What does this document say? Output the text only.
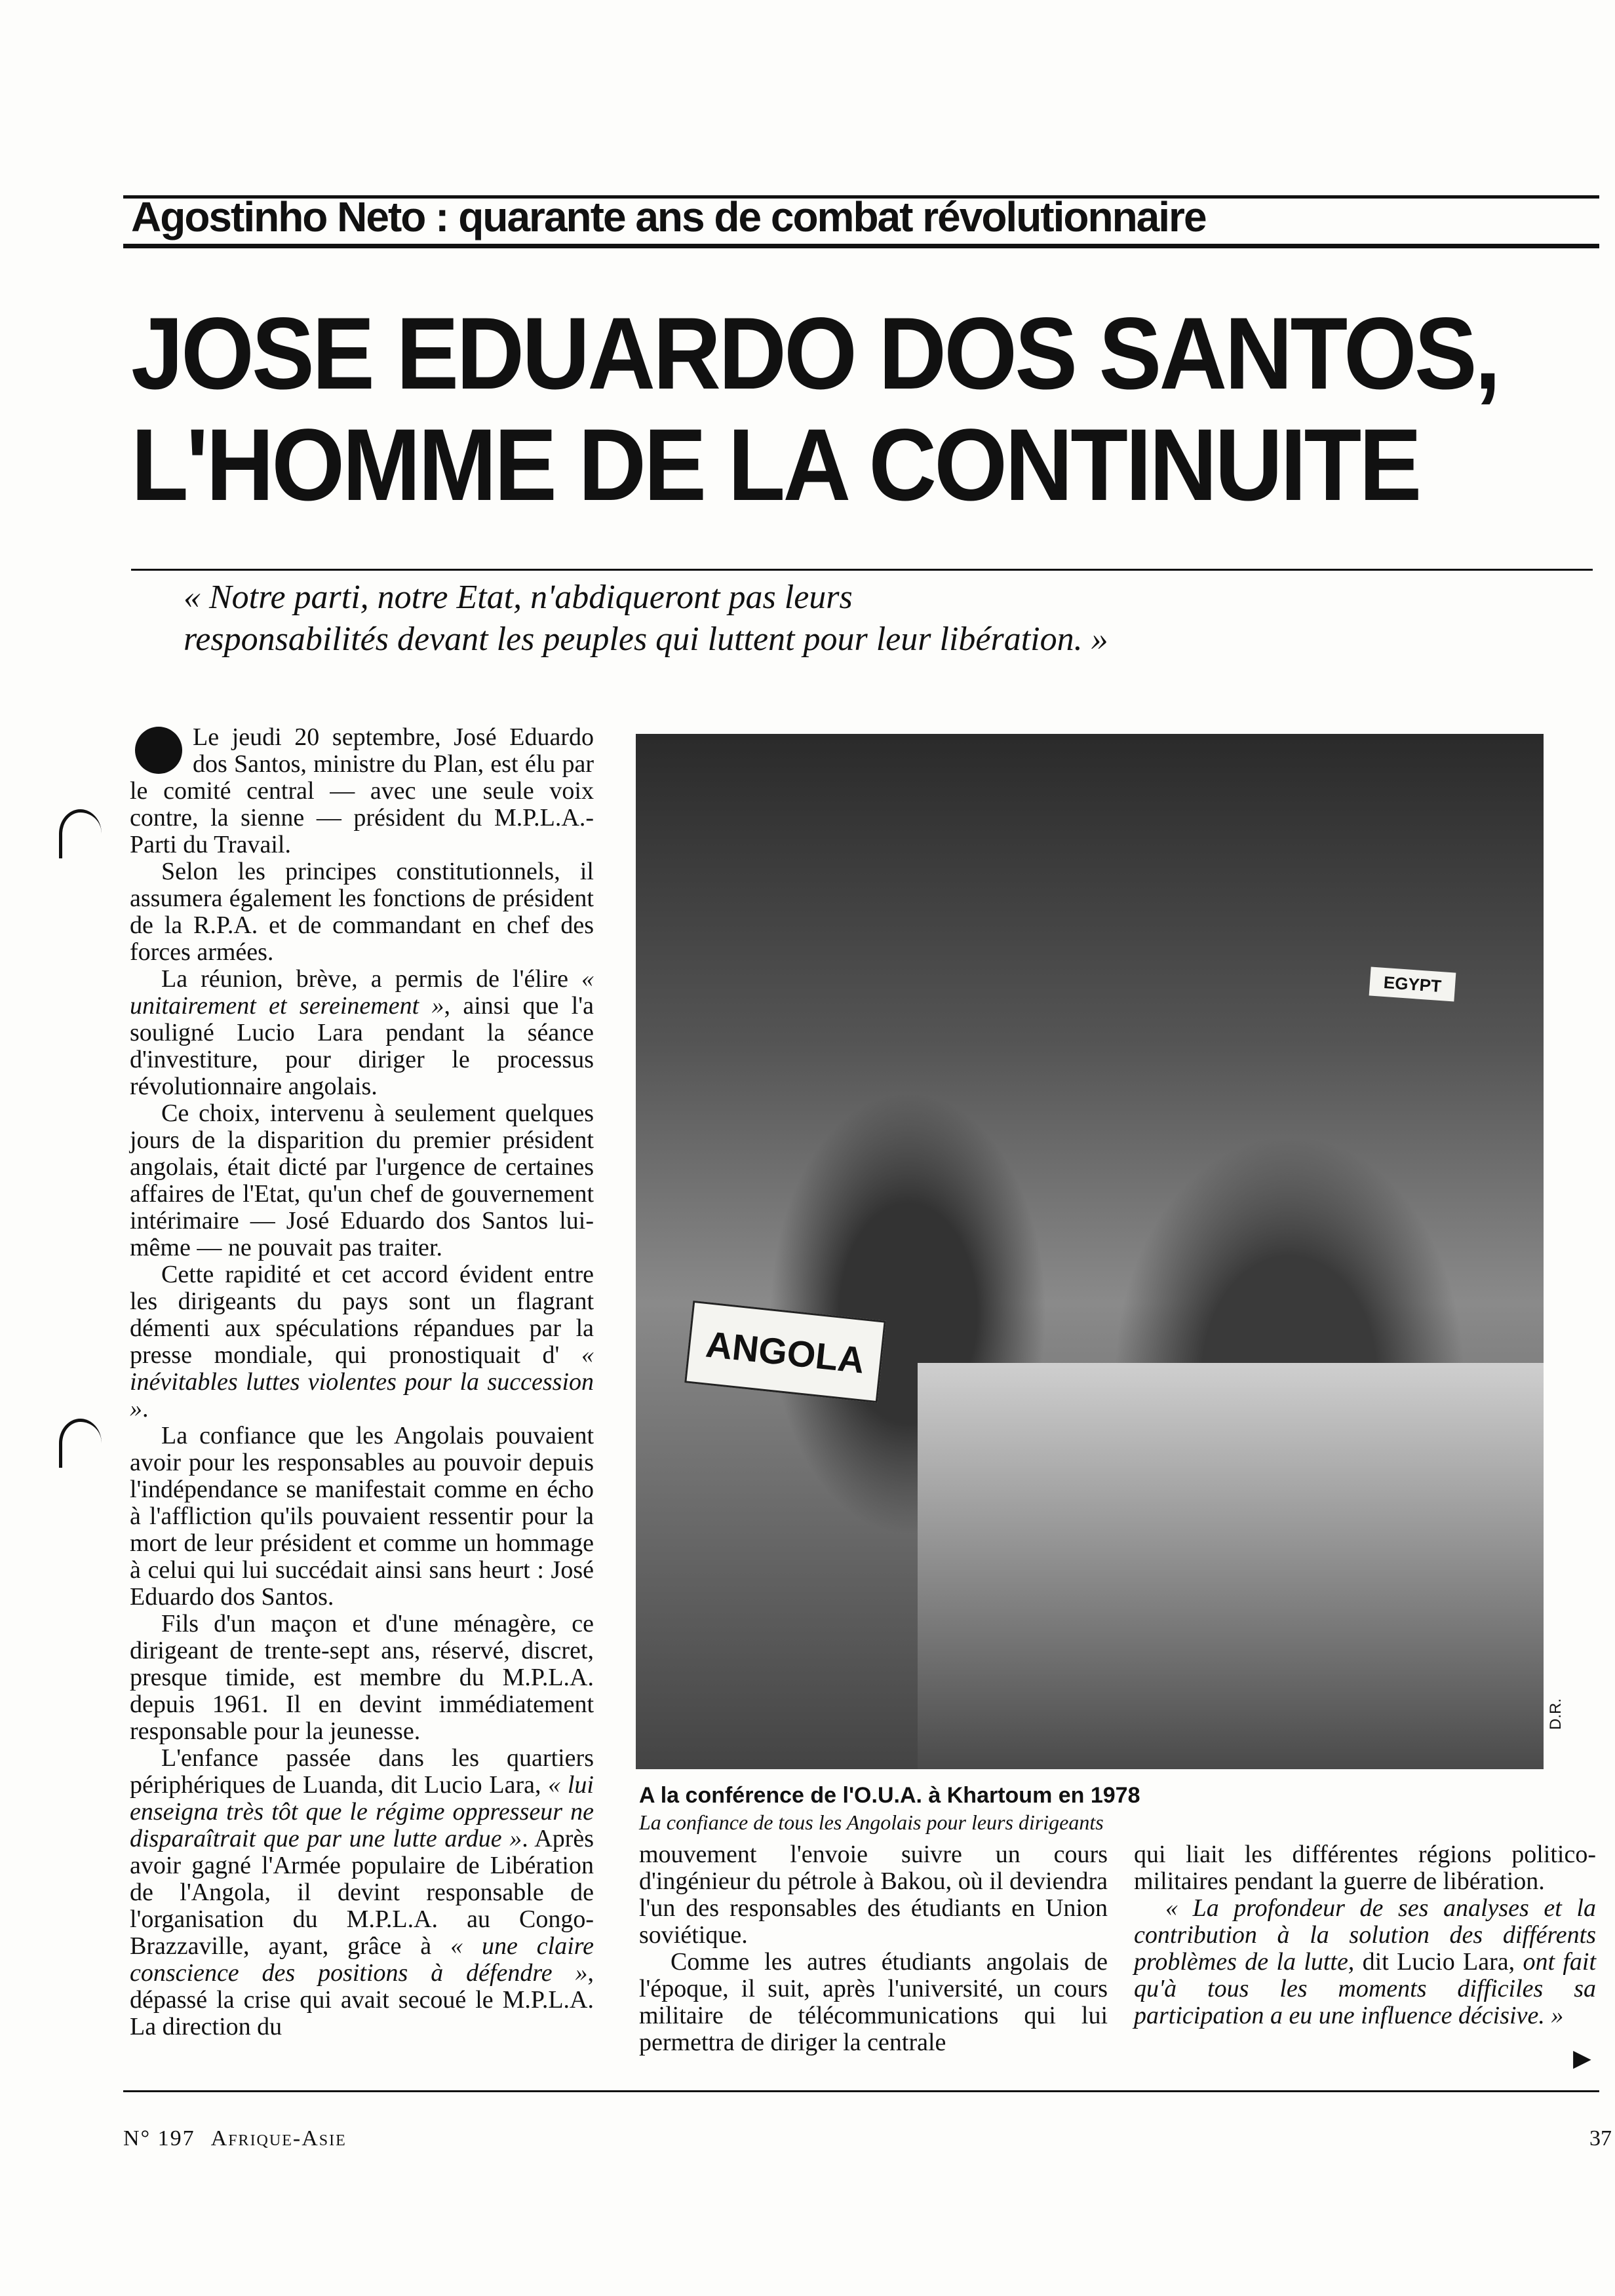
Agostinho Neto : quarante ans de combat révolutionnaire
JOSE EDUARDO DOS SANTOS,
L'HOMME DE LA CONTINUITE
« Notre parti, notre Etat, n'abdiqueront pas leurs
responsabilités devant les peuples qui luttent pour leur libération. »

Le jeudi 20 septembre, José Eduardo dos Santos, ministre du Plan, est élu par le comité central — avec une seule voix contre, la sienne — président du M.P.L.A.-Parti du Travail.

Selon les principes constitutionnels, il assumera également les fonctions de président de la R.P.A. et de commandant en chef des forces armées.

La réunion, brève, a permis de l'élire « unitairement et sereinement », ainsi que l'a souligné Lucio Lara pendant la séance d'investiture, pour diriger le processus révolutionnaire angolais.

Ce choix, intervenu à seulement quelques jours de la disparition du premier président angolais, était dicté par l'urgence de certaines affaires de l'Etat, qu'un chef de gouvernement intérimaire — José Eduardo dos Santos lui-même — ne pouvait pas traiter.

Cette rapidité et cet accord évident entre les dirigeants du pays sont un flagrant démenti aux spéculations répandues par la presse mondiale, qui pronostiquait d' « inévitables luttes violentes pour la succession ».

La confiance que les Angolais pouvaient avoir pour les responsables au pouvoir depuis l'indépendance se manifestait comme en écho à l'affliction qu'ils pouvaient ressentir pour la mort de leur président et comme un hommage à celui qui lui succédait ainsi sans heurt : José Eduardo dos Santos.

Fils d'un maçon et d'une ménagère, ce dirigeant de trente-sept ans, réservé, discret, presque timide, est membre du M.P.L.A. depuis 1961. Il en devint immédiatement responsable pour la jeunesse.

L'enfance passée dans les quartiers périphériques de Luanda, dit Lucio Lara, « lui enseigna très tôt que le régime oppresseur ne disparaîtrait que par une lutte ardue ». Après avoir gagné l'Armée populaire de Libération de l'Angola, il devint responsable de l'organisation du M.P.L.A. au Congo-Brazzaville, ayant, grâce à « une claire conscience des positions à défendre », dépassé la crise qui avait secoué le M.P.L.A. La direction du

ANGOLA
EGYPT
D.R.
A la conférence de l'O.U.A. à Khartoum en 1978
La confiance de tous les Angolais pour leurs dirigeants

mouvement l'envoie suivre un cours d'ingénieur du pétrole à Bakou, où il deviendra l'un des responsables des étudiants en Union soviétique.

Comme les autres étudiants angolais de l'époque, il suit, après l'université, un cours militaire de télécommunications qui lui permettra de diriger la centrale

qui liait les différentes régions politico-militaires pendant la guerre de libération.

« La profondeur de ses analyses et la contribution à la solution des différents problèmes de la lutte, dit Lucio Lara, ont fait qu'à tous les moments difficiles sa participation a eu une influence décisive. »

▶
N° 197 Afrique-Asie	37
